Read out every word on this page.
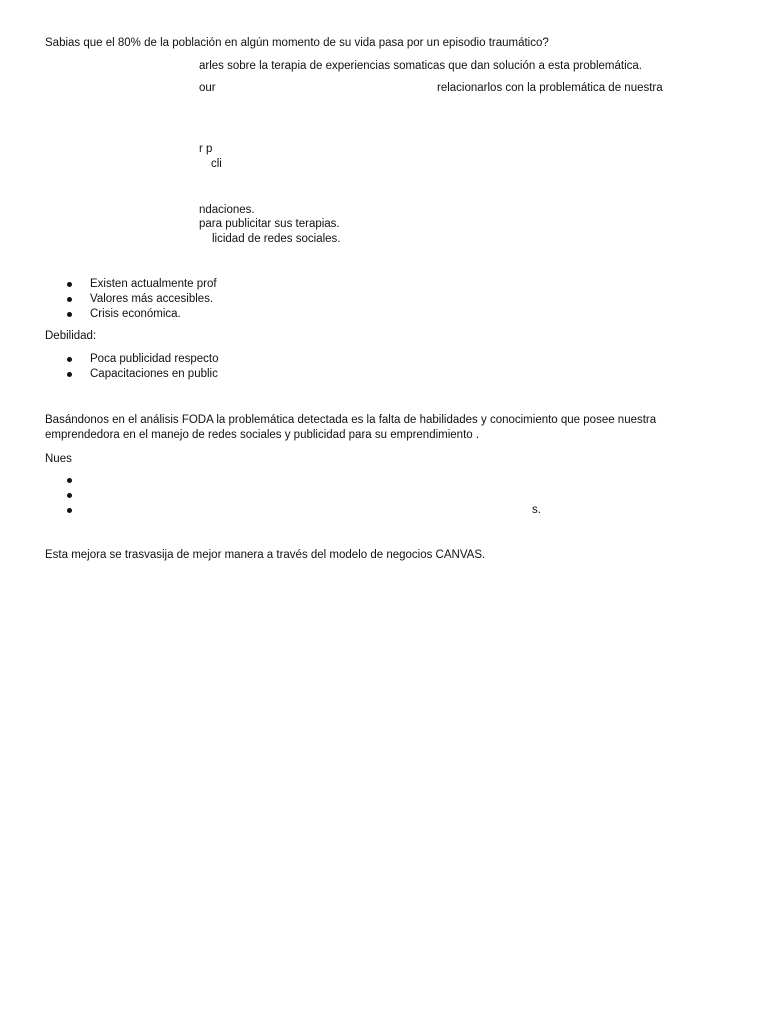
Sabias que el 80% de la población en algún momento de su vida pasa por un episodio traumático?
arles sobre la terapia de experiencias somaticas que dan solución a esta problemática.
our	relacionarlos con la problemática de nuestra
r p
cli
ndaciones.
para publicitar sus terapias.
licidad de redes sociales.
Existen actualmente prof
Valores más accesibles.
Crisis económica.
Debilidad:
Poca publicidad respecto
Capacitaciones en public
Basándonos en el análisis FODA la problemática detectada es la falta de habilidades y conocimiento que posee nuestra
emprendedora en el manejo de redes sociales y publicidad para su emprendimiento .
Nues
s.
Esta mejora se trasvasija de mejor manera a través del modelo de negocios CANVAS.
